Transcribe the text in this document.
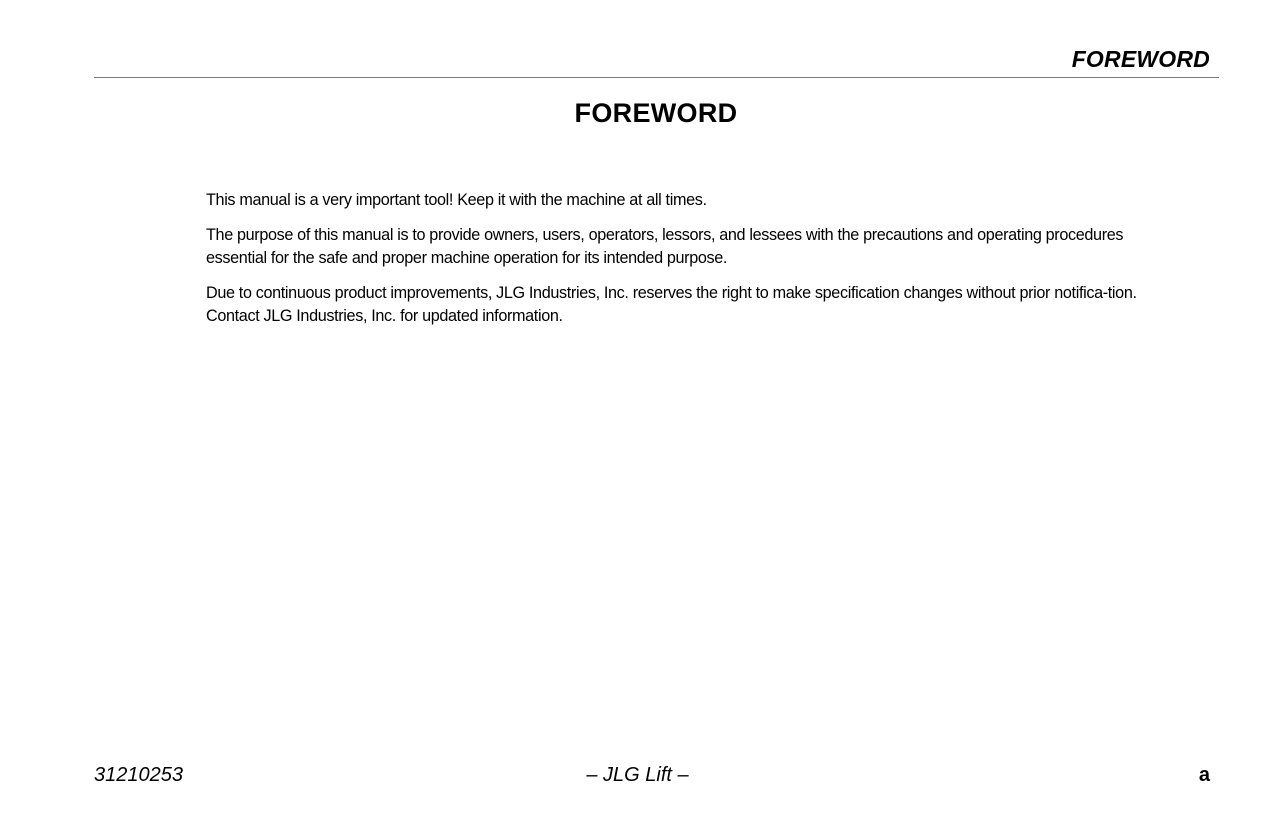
FOREWORD
FOREWORD

This manual is a very important tool! Keep it with the machine at all times.

The purpose of this manual is to provide owners, users, operators, lessors, and lessees with the precautions and operating procedures essential for the safe and proper machine operation for its intended purpose.

Due to continuous product improvements, JLG Industries, Inc. reserves the right to make specification changes without prior notifica-tion. Contact JLG Industries, Inc. for updated information.

31210253	– JLG Lift –	a
